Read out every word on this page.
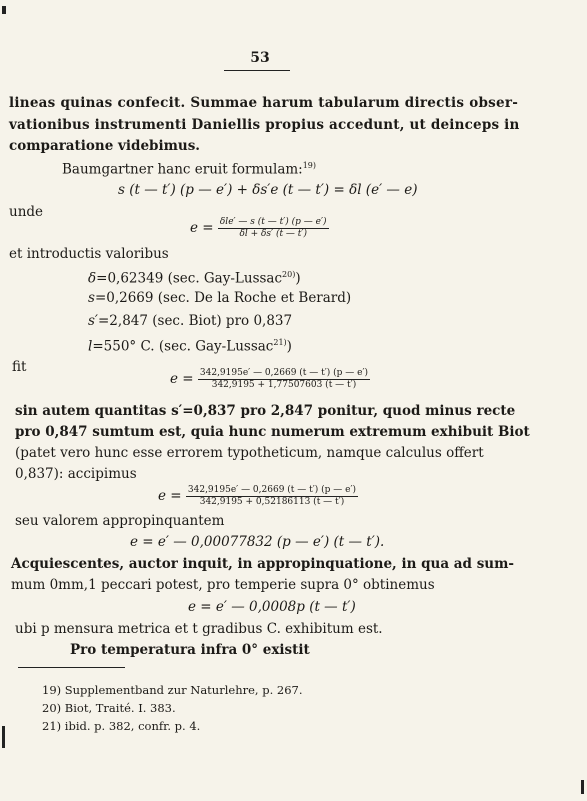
53
lineas quinas confecit. Summae harum tabularum directis obser-
vationibus instrumenti Daniellis propius accedunt, ut deinceps in
comparatione videbimus.
Baumgartner hanc eruit formulam:$^{19)}$
s (t — t′) (p — e′) + δs′e (t — t′) = δl (e′ — e)
unde
$e = \frac{\text{δle′ — s (t — t′) (p — e′)}}{\delta l + \delta s' (t — t')}$
et introductis valoribus
δ=0,62349 (sec. Gay-Lussac$^{20)}$)
s=0,2669 (sec. De la Roche et Berard)
s′=2,847 (sec. Biot) pro 0,837
l=550° C. (sec. Gay-Lussac$^{21)}$)
fit
$e = \frac{342,9195e' — 0,2669 (t — t') (p — e')}{342,9195 + 1,77507603 (t — t')}$
sin autem quantitas s′=0,837 pro 2,847 ponitur, quod minus recte
pro 0,847 sumtum est, quia hunc numerum extremum exhibuit Biot
(patet vero hunc esse errorem typotheticum, namque calculus offert
0,837): accipimus
$e = \frac{342,9195e' — 0,2669 (t — t') (p — e')}{342,9195 + 0,52186113 (t — t')}$
seu valorem appropinquantem
e = e′ — 0,00077832 (p — e′) (t — t′).
Acquiescentes, auctor inquit, in appropinquatione, in qua ad sum-
mum 0mm,1 peccari potest, pro temperie supra 0° obtinemus
e = e′ — 0,0008p (t — t′)
ubi p mensura metrica et t gradibus C. exhibitum est.
Pro temperatura infra 0° existit
19) Supplementband zur Naturlehre, p. 267.
20) Biot, Traité. I. 383.
21) ibid. p. 382, confr. p. 4.
